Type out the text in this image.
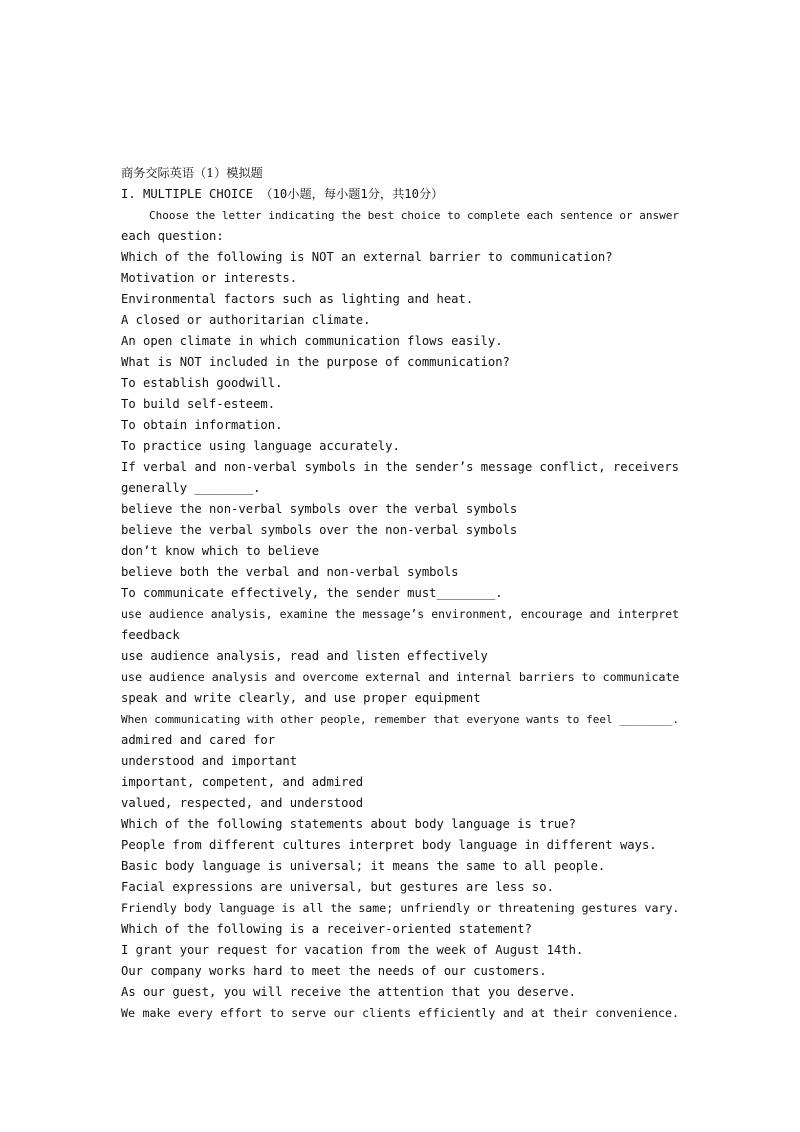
商务交际英语（1）模拟题
I. MULTIPLE CHOICE （10小题，每小题1分，共10分）
Choose the letter indicating the best choice to complete each sentence or answer
each question:
Which of the following is NOT an external barrier to communication?
Motivation or interests.
Environmental factors such as lighting and heat.
A closed or authoritarian climate.
An open climate in which communication flows easily.
What is NOT included in the purpose of communication?
To establish goodwill.
To build self-esteem.
To obtain information.
To practice using language accurately.
If verbal and non-verbal symbols in the sender’s message conflict, receivers
generally ________.
believe the non-verbal symbols over the verbal symbols
believe the verbal symbols over the non-verbal symbols
don’t know which to believe
believe both the verbal and non-verbal symbols
To communicate effectively, the sender must________.
use audience analysis, examine the message’s environment, encourage and interpret
feedback
use audience analysis, read and listen effectively
use audience analysis and overcome external and internal barriers to communicate
speak and write clearly, and use proper equipment
When communicating with other people, remember that everyone wants to feel ________.
admired and cared for
understood and important
important, competent, and admired
valued, respected, and understood
Which of the following statements about body language is true?
People from different cultures interpret body language in different ways.
Basic body language is universal; it means the same to all people.
Facial expressions are universal, but gestures are less so.
Friendly body language is all the same; unfriendly or threatening gestures vary.
Which of the following is a receiver-oriented statement?
I grant your request for vacation from the week of August 14th.
Our company works hard to meet the needs of our customers.
As our guest, you will receive the attention that you deserve.
We make every effort to serve our clients efficiently and at their convenience.
